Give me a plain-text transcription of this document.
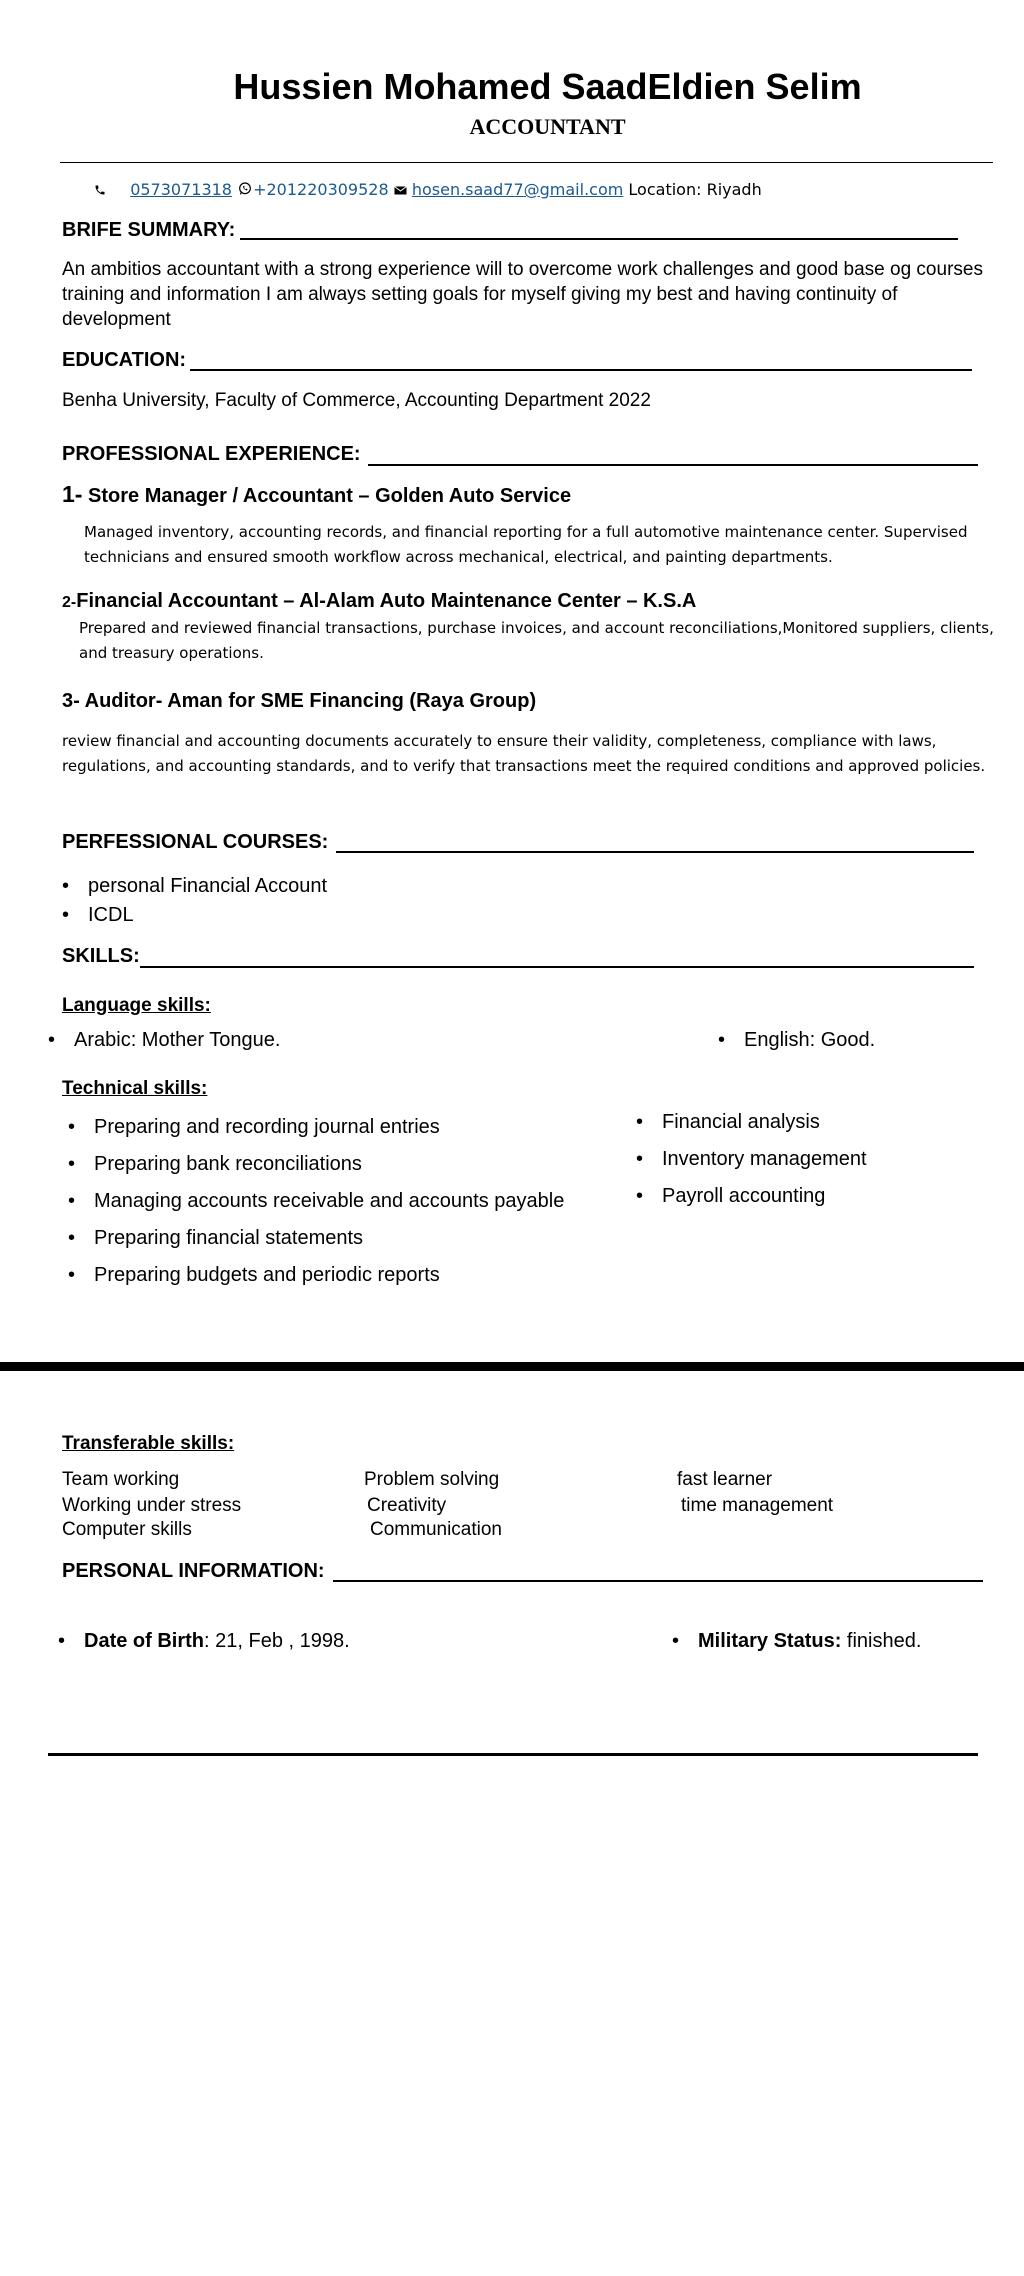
Hussien Mohamed SaadEldien Selim
ACCOUNTANT
0573071318 +201220309528 hosen.saad77@gmail.com Location: Riyadh
BRIFE SUMMARY:
An ambitios accountant with a strong experience will to overcome work challenges and good base og courses training and information I am always setting goals for myself giving my best and having continuity of development
EDUCATION:
Benha University, Faculty of Commerce, Accounting Department 2022
PROFESSIONAL EXPERIENCE:
1- Store Manager / Accountant – Golden Auto Service
Managed inventory, accounting records, and financial reporting for a full automotive maintenance center. Supervised technicians and ensured smooth workflow across mechanical, electrical, and painting departments.
2-Financial Accountant – Al-Alam Auto Maintenance Center – K.S.A
Prepared and reviewed financial transactions, purchase invoices, and account reconciliations,Monitored suppliers, clients, and treasury operations.
3- Auditor- Aman for SME Financing (Raya Group)
review financial and accounting documents accurately to ensure their validity, completeness, compliance with laws, regulations, and accounting standards, and to verify that transactions meet the required conditions and approved policies.
PERFESSIONAL COURSES:
• personal Financial Account
• ICDL
SKILLS:
Language skills:
• Arabic: Mother Tongue.	• English: Good.
Technical skills:
• Preparing and recording journal entries
• Preparing bank reconciliations
• Managing accounts receivable and accounts payable
• Preparing financial statements
• Preparing budgets and periodic reports
• Financial analysis
• Inventory management
• Payroll accounting
Transferable skills:
Team working
Working under stress
Computer skills
Problem solving
Creativity
Communication
fast learner
time management
PERSONAL INFORMATION:
• Date of Birth: 21, Feb , 1998.	• Military Status: finished.
